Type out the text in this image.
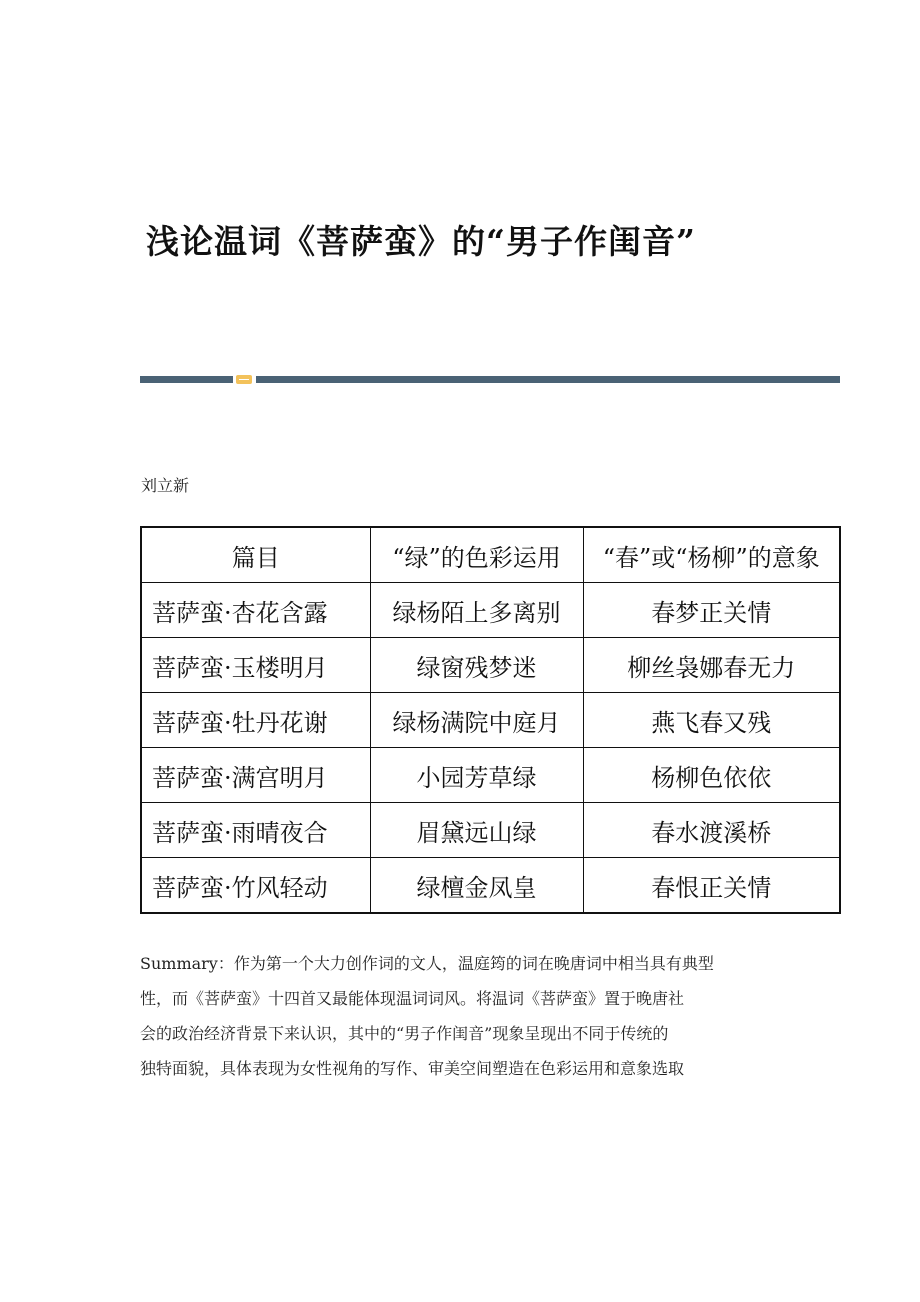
浅论温词《菩萨蛮》的“男子作闺音”
刘立新
篇目	“绿”的色彩运用	“春”或“杨柳”的意象
菩萨蛮·杏花含露	绿杨陌上多离别	春梦正关情
菩萨蛮·玉楼明月	绿窗残梦迷	柳丝袅娜春无力
菩萨蛮·牡丹花谢	绿杨满院中庭月	燕飞春又残
菩萨蛮·满宫明月	小园芳草绿	杨柳色依依
菩萨蛮·雨晴夜合	眉黛远山绿	春水渡溪桥
菩萨蛮·竹风轻动	绿檀金凤皇	春恨正关情
Summary：作为第一个大力创作词的文人，温庭筠的词在晚唐词中相当具有典型
性，而《菩萨蛮》十四首又最能体现温词词风。将温词《菩萨蛮》置于晚唐社
会的政治经济背景下来认识，其中的“男子作闺音”现象呈现出不同于传统的
独特面貌，具体表现为女性视角的写作、审美空间塑造在色彩运用和意象选取
